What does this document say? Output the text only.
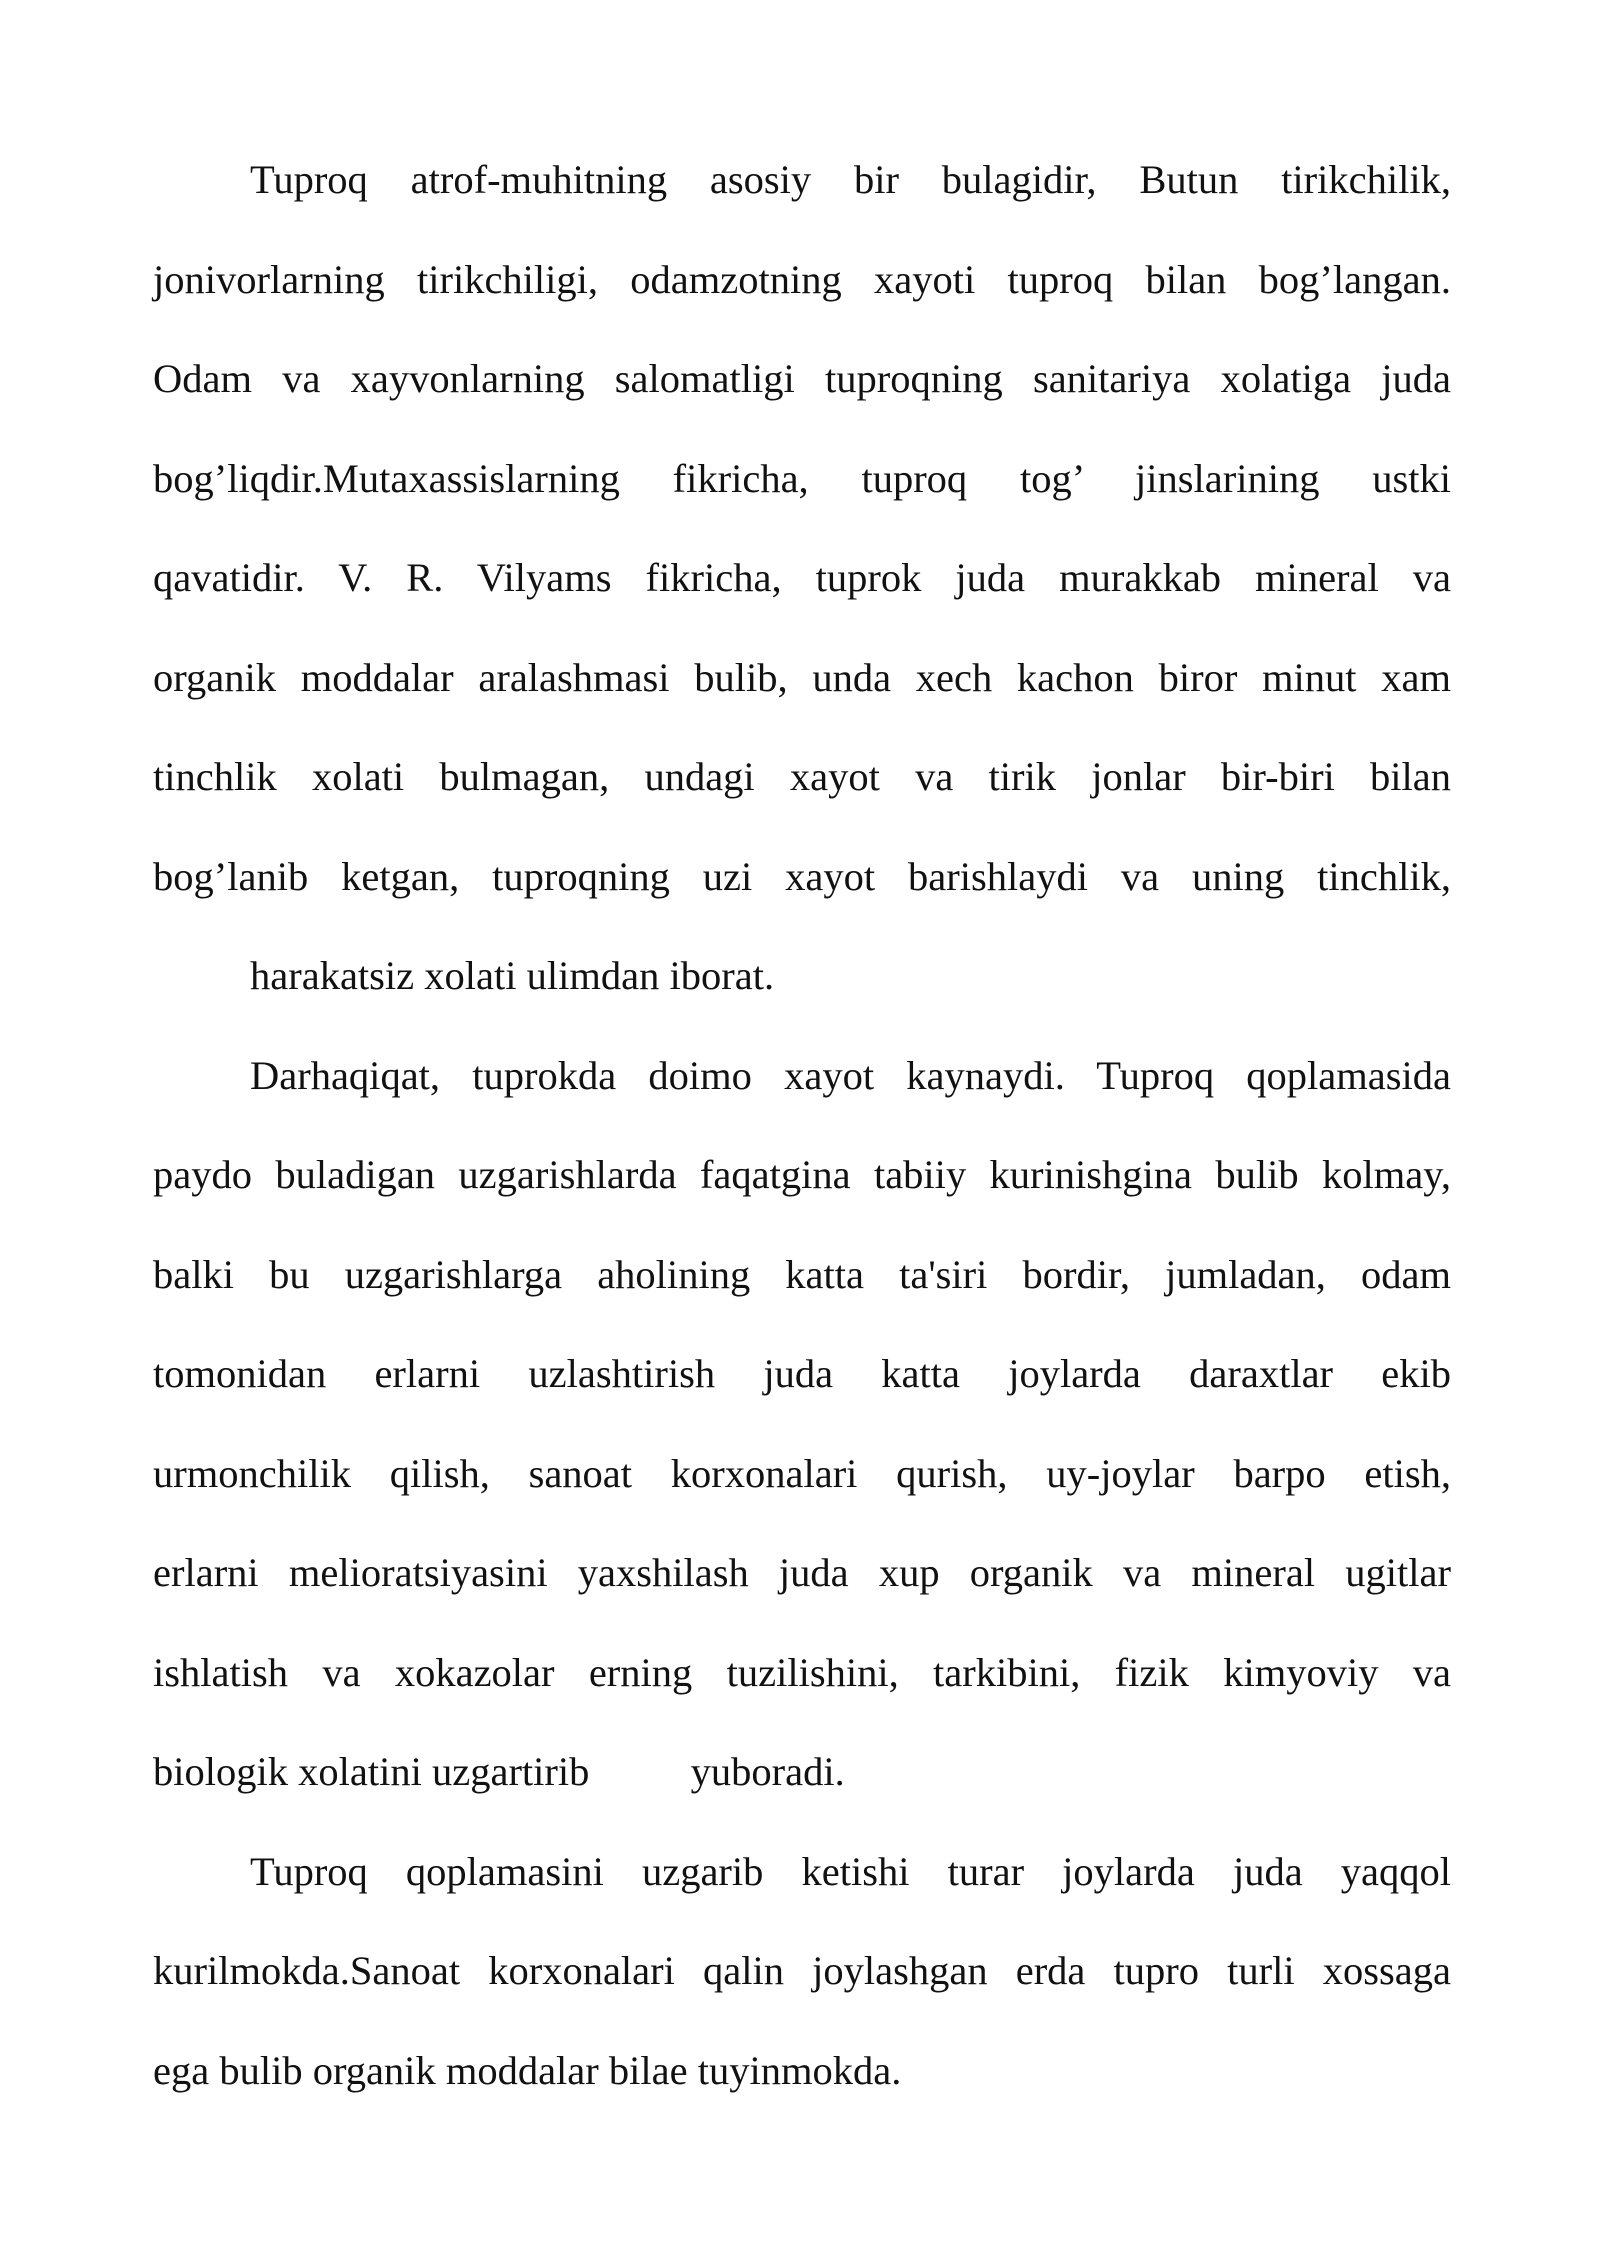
Tuproq atrof-muhitning asosiy bir bulagidir, Butun tirikchilik,
jonivorlarning tirikchiligi, odamzotning xayoti tuproq bilan bog’langan.
Odam va xayvonlarning salomatligi tuproqning sanitariya xolatiga juda
bog’liqdir.Mutaxassislarning fikricha, tuproq tog’ jinslarining ustki
qavatidir. V. R. Vilyams fikricha, tuprok juda murakkab mineral va
organik moddalar aralashmasi bulib, unda xech kachon biror minut xam
tinchlik xolati bulmagan, undagi xayot va tirik jonlar bir-biri bilan
bog’lanib ketgan, tuproqning uzi xayot barishlaydi va uning tinchlik,
harakatsiz xolati ulimdan iborat.
Darhaqiqat, tuprokda doimo xayot kaynaydi. Tuproq qoplamasida
paydo buladigan uzgarishlarda faqatgina tabiiy kurinishgina bulib kolmay,
balki bu uzgarishlarga aholining katta ta'siri bordir, jumladan, odam
tomonidan erlarni uzlashtirish juda katta joylarda daraxtlar ekib
urmonchilik qilish, sanoat korxonalari qurish, uy-joylar barpo etish,
erlarni melioratsiyasini yaxshilash juda xup organik va mineral ugitlar
ishlatish va xokazolar erning tuzilishini, tarkibini, fizik kimyoviy va
biologik xolatini uzgartirib          yuboradi.
Tuproq qoplamasini uzgarib ketishi turar joylarda juda yaqqol
kurilmokda.Sanoat korxonalari qalin joylashgan erda tupro turli xossaga
ega bulib organik moddalar bilae tuyinmokda.
